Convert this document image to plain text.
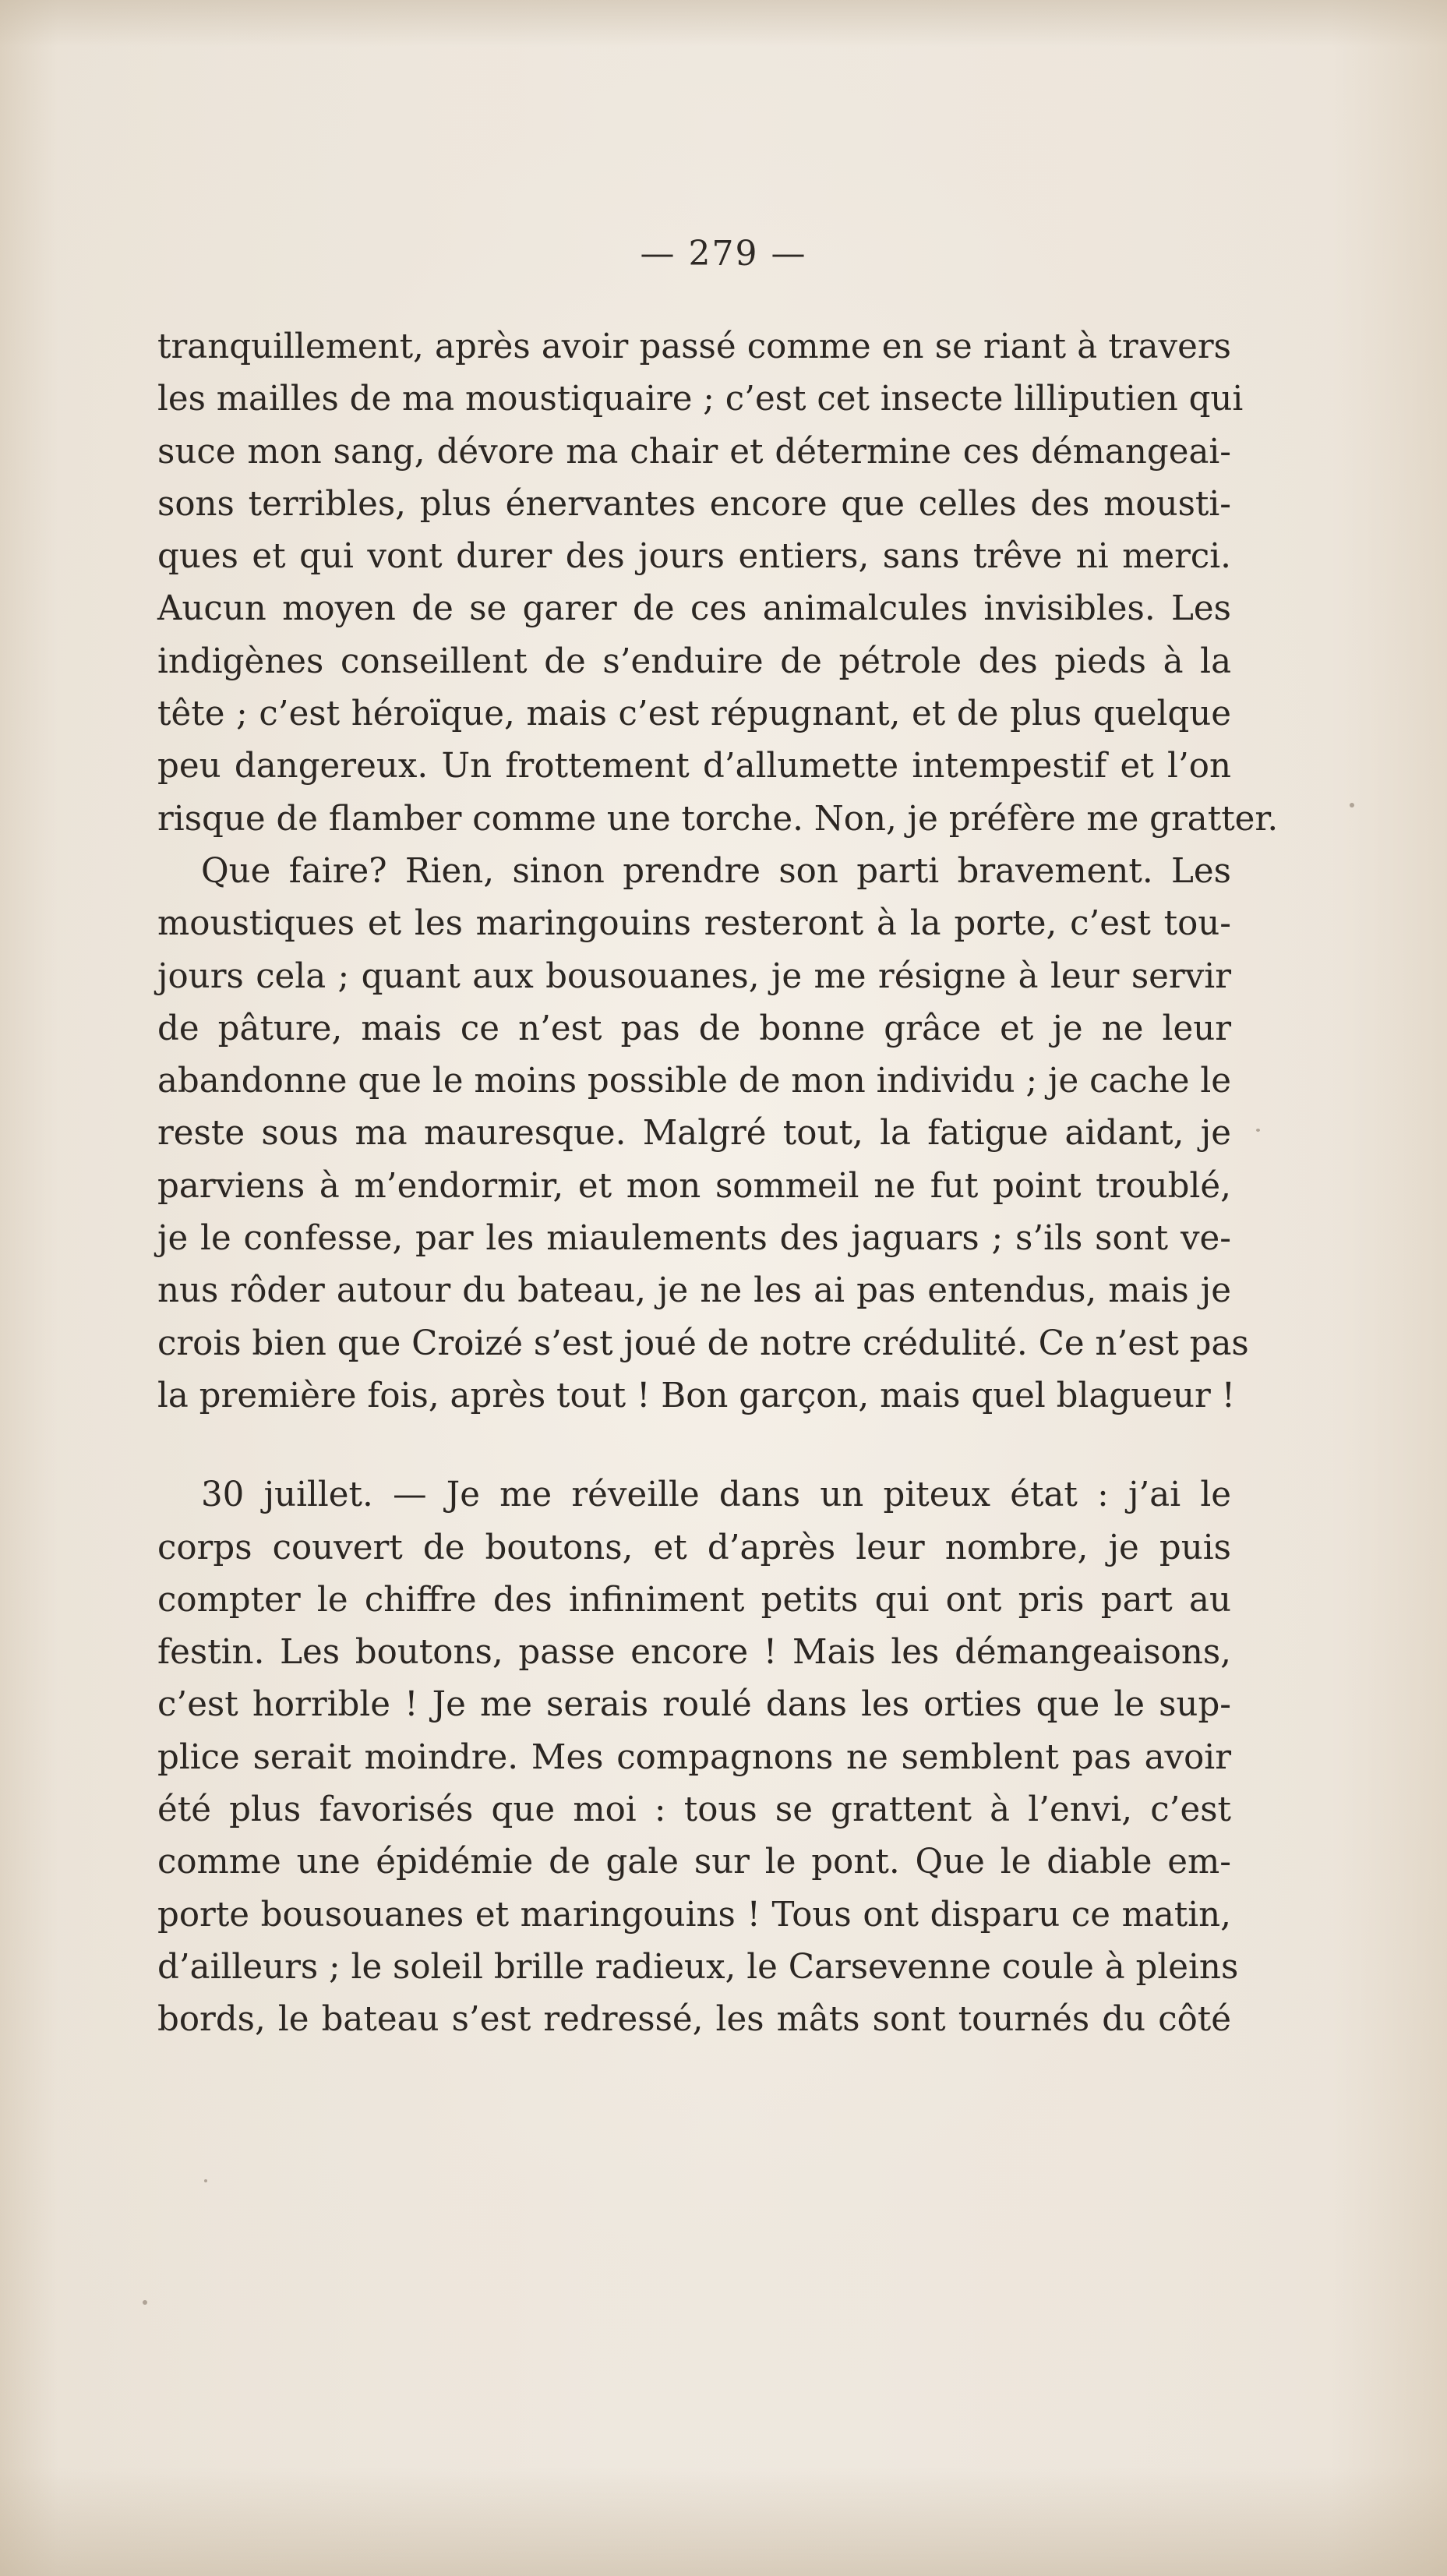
— 279 —
tranquillement, après avoir passé comme en se riant à travers
les mailles de ma moustiquaire ; c’est cet insecte lilliputien qui
suce mon sang, dévore ma chair et détermine ces démangeai-
sons terribles, plus énervantes encore que celles des mousti-
ques et qui vont durer des jours entiers, sans trêve ni merci.
Aucun moyen de se garer de ces animalcules invisibles. Les
indigènes conseillent de s’enduire de pétrole des pieds à la
tête ; c’est héroïque, mais c’est répugnant, et de plus quelque
peu dangereux. Un frottement d’allumette intempestif et l’on
risque de flamber comme une torche. Non, je préfère me gratter.
Que faire? Rien, sinon prendre son parti bravement. Les
moustiques et les maringouins resteront à la porte, c’est tou-
jours cela ; quant aux bousouanes, je me résigne à leur servir
de pâture, mais ce n’est pas de bonne grâce et je ne leur
abandonne que le moins possible de mon individu ; je cache le
reste sous ma mauresque. Malgré tout, la fatigue aidant, je
parviens à m’endormir, et mon sommeil ne fut point troublé,
je le confesse, par les miaulements des jaguars ; s’ils sont ve-
nus rôder autour du bateau, je ne les ai pas entendus, mais je
crois bien que Croizé s’est joué de notre crédulité. Ce n’est pas
la première fois, après tout ! Bon garçon, mais quel blagueur !
30 juillet. — Je me réveille dans un piteux état : j’ai le
corps couvert de boutons, et d’après leur nombre, je puis
compter le chiffre des infiniment petits qui ont pris part au
festin. Les boutons, passe encore ! Mais les démangeaisons,
c’est horrible ! Je me serais roulé dans les orties que le sup-
plice serait moindre. Mes compagnons ne semblent pas avoir
été plus favorisés que moi : tous se grattent à l’envi, c’est
comme une épidémie de gale sur le pont. Que le diable em-
porte bousouanes et maringouins ! Tous ont disparu ce matin,
d’ailleurs ; le soleil brille radieux, le Carsevenne coule à pleins
bords, le bateau s’est redressé, les mâts sont tournés du côté
